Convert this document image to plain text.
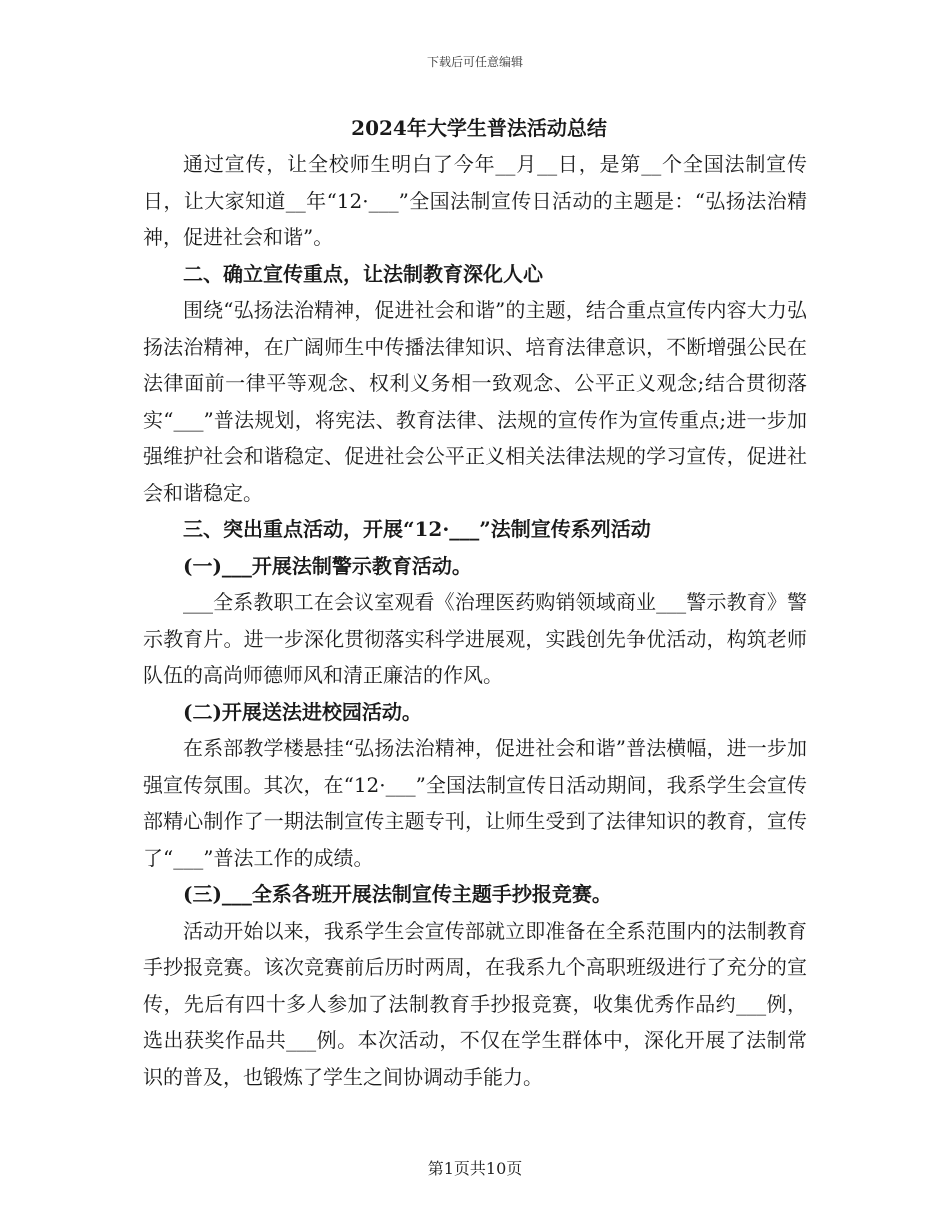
下载后可任意编辑
2024年大学生普法活动总结

通过宣传，让全校师生明白了今年__月__日，是第__个全国法制宣传日，让大家知道__年“12·___”全国法制宣传日活动的主题是：“弘扬法治精神，促进社会和谐”。

二、确立宣传重点，让法制教育深化人心

围绕“弘扬法治精神，促进社会和谐”的主题，结合重点宣传内容大力弘扬法治精神，在广阔师生中传播法律知识、培育法律意识，不断增强公民在法律面前一律平等观念、权利义务相一致观念、公平正义观念;结合贯彻落实“___”普法规划，将宪法、教育法律、法规的宣传作为宣传重点;进一步加强维护社会和谐稳定、促进社会公平正义相关法律法规的学习宣传，促进社会和谐稳定。

三、突出重点活动，开展“12·___”法制宣传系列活动

(一)___开展法制警示教育活动。

___全系教职工在会议室观看《治理医药购销领域商业___警示教育》警示教育片。进一步深化贯彻落实科学进展观，实践创先争优活动，构筑老师队伍的高尚师德师风和清正廉洁的作风。

(二)开展送法进校园活动。

在系部教学楼悬挂“弘扬法治精神，促进社会和谐”普法横幅，进一步加强宣传氛围。其次，在“12·___”全国法制宣传日活动期间，我系学生会宣传部精心制作了一期法制宣传主题专刊，让师生受到了法律知识的教育，宣传了“___”普法工作的成绩。

(三)___全系各班开展法制宣传主题手抄报竞赛。

活动开始以来，我系学生会宣传部就立即准备在全系范围内的法制教育手抄报竞赛。该次竞赛前后历时两周，在我系九个高职班级进行了充分的宣传，先后有四十多人参加了法制教育手抄报竞赛，收集优秀作品约___例，选出获奖作品共___例。本次活动，不仅在学生群体中，深化开展了法制常识的普及，也锻炼了学生之间协调动手能力。

第1页共10页
